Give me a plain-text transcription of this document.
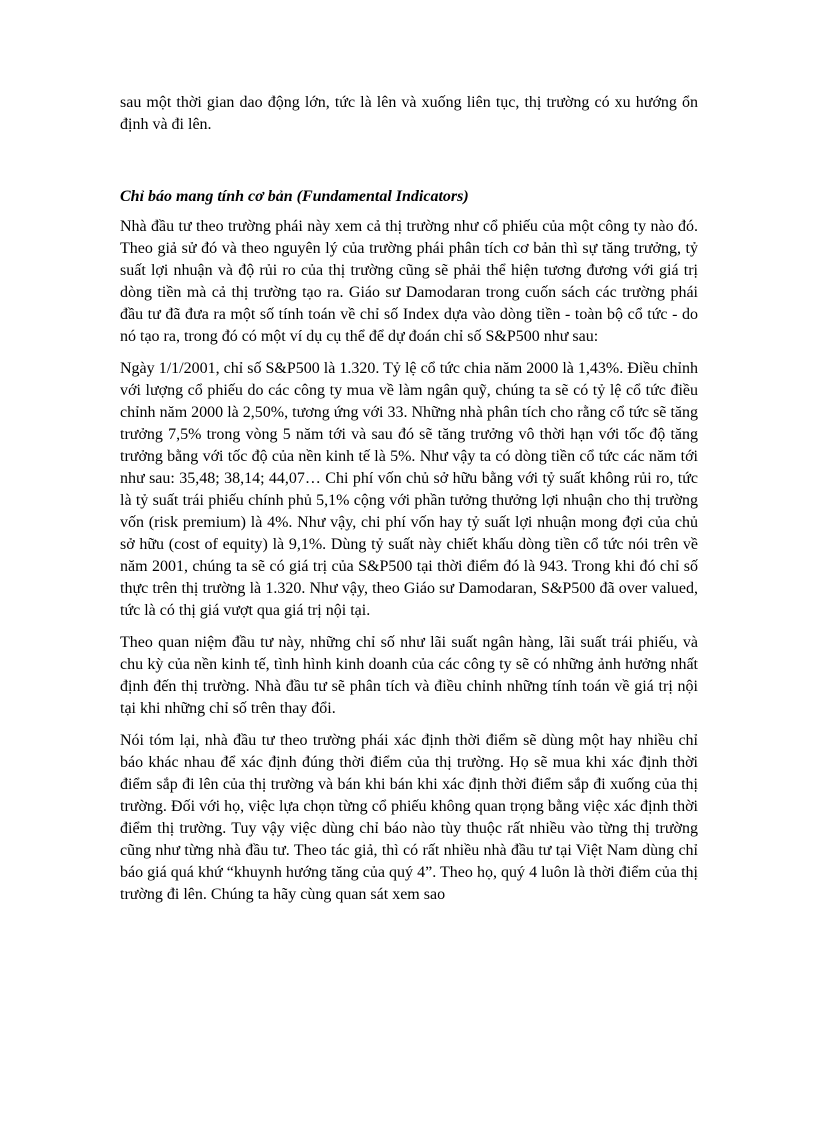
sau một thời gian dao động lớn, tức là lên và xuống liên tục, thị trường có xu hướng ổn định và đi lên.

Chỉ báo mang tính cơ bản (Fundamental Indicators)

Nhà đầu tư theo trường phái này xem cả thị trường như cổ phiếu của một công ty nào đó. Theo giả sử đó và theo nguyên lý của trường phái phân tích cơ bản thì sự tăng trưởng, tỷ suất lợi nhuận và độ rủi ro của thị trường cũng sẽ phải thể hiện tương đương với giá trị dòng tiền mà cả thị trường tạo ra. Giáo sư Damodaran trong cuốn sách các trường phái đầu tư đã đưa ra một số tính toán về chỉ số Index dựa vào dòng tiền - toàn bộ cổ tức - do nó tạo ra, trong đó có một ví dụ cụ thể để dự đoán chỉ số S&P500 như sau:

Ngày 1/1/2001, chỉ số S&P500 là 1.320. Tỷ lệ cổ tức chia năm 2000 là 1,43%. Điều chỉnh với lượng cổ phiếu do các công ty mua về làm ngân quỹ, chúng ta sẽ có tỷ lệ cổ tức điều chỉnh năm 2000 là 2,50%, tương ứng với 33. Những nhà phân tích cho rằng cổ tức sẽ tăng trưởng 7,5% trong vòng 5 năm tới và sau đó sẽ tăng trưởng vô thời hạn với tốc độ tăng trưởng bằng với tốc độ của nền kinh tế là 5%. Như vậy ta có dòng tiền cổ tức các năm tới như sau: 35,48; 38,14; 44,07… Chi phí vốn chủ sở hữu bằng với tỷ suất không rủi ro, tức là tỷ suất trái phiếu chính phủ 5,1% cộng với phần tưởng thưởng lợi nhuận cho thị trường vốn (risk premium) là 4%. Như vậy, chi phí vốn hay tỷ suất lợi nhuận mong đợi của chủ sở hữu (cost of equity) là 9,1%. Dùng tỷ suất này chiết khấu dòng tiền cổ tức nói trên về năm 2001, chúng ta sẽ có giá trị của S&P500 tại thời điểm đó là 943. Trong khi đó chỉ số thực trên thị trường là 1.320. Như vậy, theo Giáo sư Damodaran, S&P500 đã over valued, tức là có thị giá vượt qua giá trị nội tại.

Theo quan niệm đầu tư này, những chỉ số như lãi suất ngân hàng, lãi suất trái phiếu, và chu kỳ của nền kinh tế, tình hình kinh doanh của các công ty sẽ có những ảnh hưởng nhất định đến thị trường. Nhà đầu tư sẽ phân tích và điều chỉnh những tính toán về giá trị nội tại khi những chỉ số trên thay đổi.

Nói tóm lại, nhà đầu tư theo trường phái xác định thời điểm sẽ dùng một hay nhiều chỉ báo khác nhau để xác định đúng thời điểm của thị trường. Họ sẽ mua khi xác định thời điểm sắp đi lên của thị trường và bán khi bán khi xác định thời điểm sắp đi xuống của thị trường. Đối với họ, việc lựa chọn từng cổ phiếu không quan trọng bằng việc xác định thời điểm thị trường. Tuy vậy việc dùng chỉ báo nào tùy thuộc rất nhiều vào từng thị trường cũng như từng nhà đầu tư. Theo tác giả, thì có rất nhiều nhà đầu tư tại Việt Nam dùng chỉ báo giá quá khứ “khuynh hướng tăng của quý 4”. Theo họ, quý 4 luôn là thời điểm của thị trường đi lên. Chúng ta hãy cùng quan sát xem sao
